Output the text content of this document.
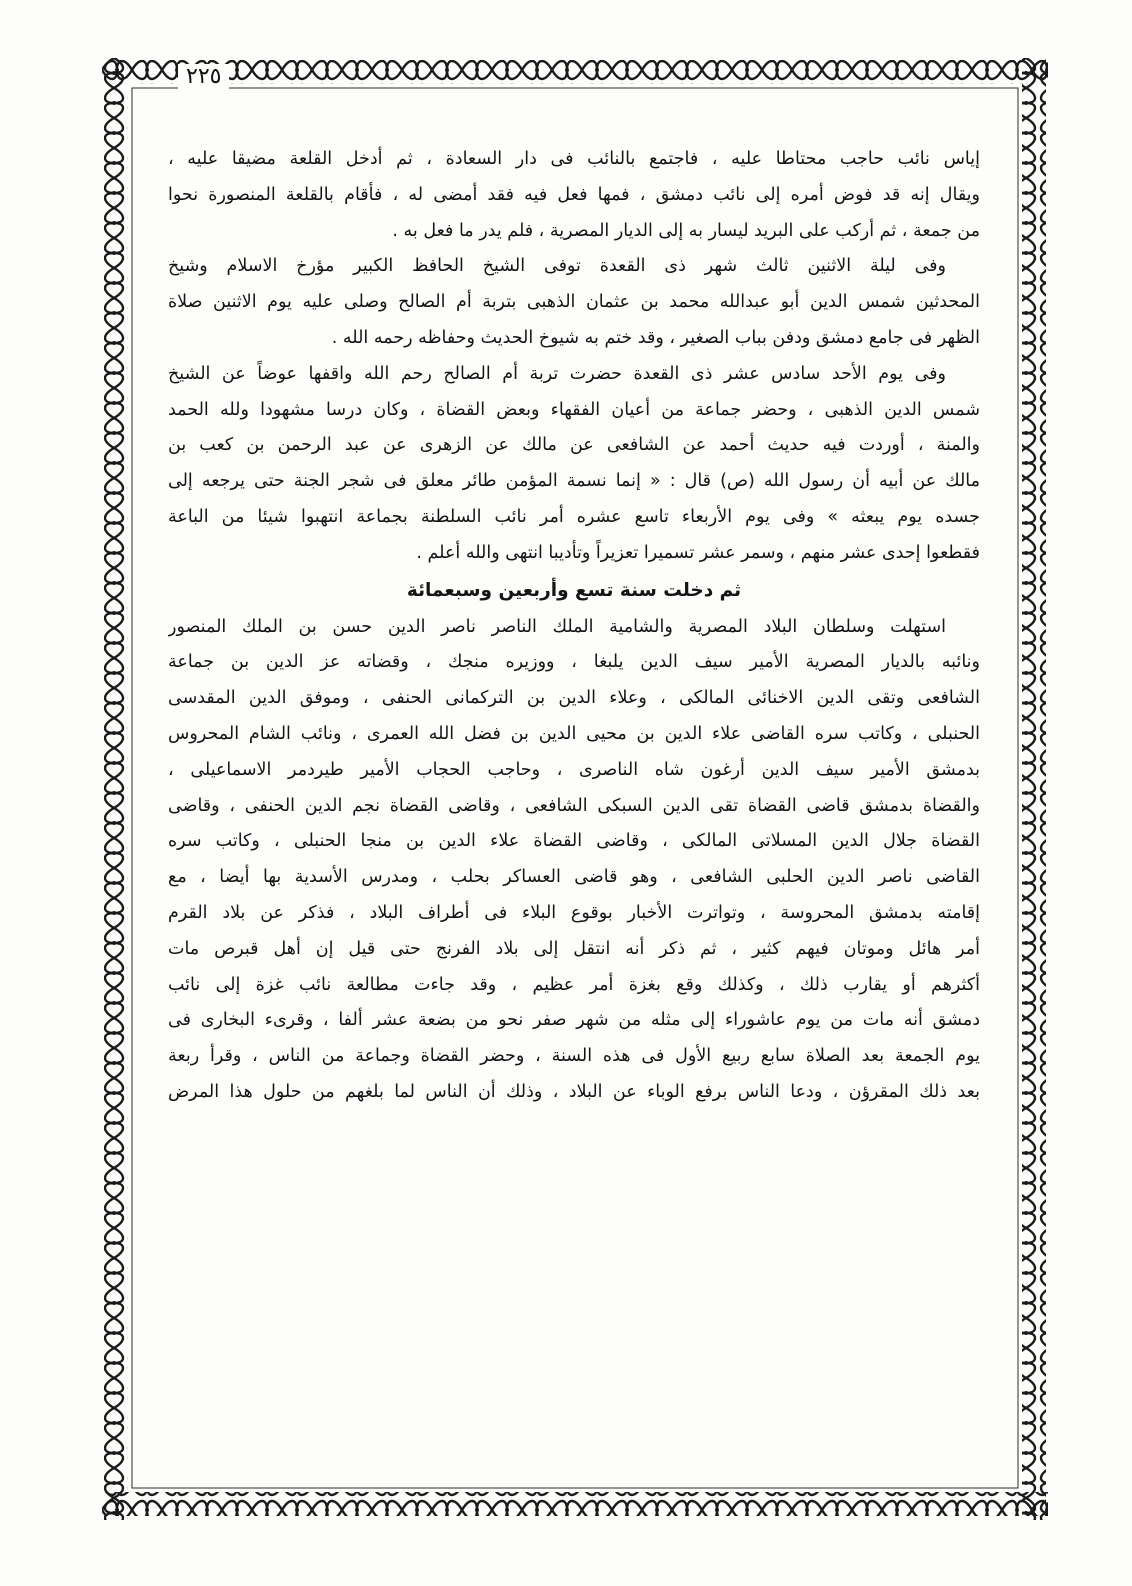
٢٢٥
إياس نائب حاجب محتاطا عليه ، فاجتمع بالنائب فى دار السعادة ، ثم أدخل القلعة مضيقا عليه ،
ويقال إنه قد فوض أمره إلى نائب دمشق ، فمها فعل فيه فقد أمضى له ، فأقام بالقلعة المنصورة نحوا
من جمعة ، ثم أركب على البريد ليسار به إلى الديار المصرية ، فلم يدر ما فعل به .
وفى ليلة الاثنين ثالث شهر ذى القعدة توفى الشيخ الحافظ الكبير مؤرخ الاسلام وشيخ
المحدثين شمس الدين أبو عبدالله محمد بن عثمان الذهبى بتربة أم الصالح وصلى عليه يوم الاثنين صلاة
الظهر فى جامع دمشق ودفن بباب الصغير ، وقد ختم به شيوخ الحديث وحفاظه رحمه الله .
وفى يوم الأحد سادس عشر ذى القعدة حضرت تربة أم الصالح رحم الله واقفها عوضاً عن الشيخ
شمس الدين الذهبى ، وحضر جماعة من أعيان الفقهاء وبعض القضاة ، وكان درسا مشهودا ولله الحمد
والمنة ، أوردت فيه حديث أحمد عن الشافعى عن مالك عن الزهرى عن عبد الرحمن بن كعب بن
مالك عن أبيه أن رسول الله (ص) قال : « إنما نسمة المؤمن طائر معلق فى شجر الجنة حتى يرجعه إلى
جسده يوم يبعثه » وفى يوم الأربعاء تاسع عشره أمر نائب السلطنة بجماعة انتهبوا شيئا من الباعة
فقطعوا إحدى عشر منهم ، وسمر عشر تسميرا تعزيراً وتأديبا انتهى والله أعلم .
ثم دخلت سنة تسع وأربعين وسبعمائة
استهلت وسلطان البلاد المصرية والشامية الملك الناصر ناصر الدين حسن بن الملك المنصور
ونائبه بالديار المصرية الأمير سيف الدين يلبغا ، ووزيره منجك ، وقضاته عز الدين بن جماعة
الشافعى وتقى الدين الاخنائى المالكى ، وعلاء الدين بن التركمانى الحنفى ، وموفق الدين المقدسى
الحنبلى ، وكاتب سره القاضى علاء الدين بن محيى الدين بن فضل الله العمرى ، ونائب الشام المحروس
بدمشق الأمير سيف الدين أرغون شاه الناصرى ، وحاجب الحجاب الأمير طيردمر الاسماعيلى ،
والقضاة بدمشق قاضى القضاة تقى الدين السبكى الشافعى ، وقاضى القضاة نجم الدين الحنفى ، وقاضى
القضاة جلال الدين المسلاتى المالكى ، وقاضى القضاة علاء الدين بن منجا الحنبلى ، وكاتب سره
القاضى ناصر الدين الحلبى الشافعى ، وهو قاضى العساكر بحلب ، ومدرس الأسدية بها أيضا ، مع
إقامته بدمشق المحروسة ، وتواترت الأخبار بوقوع البلاء فى أطراف البلاد ، فذكر عن بلاد القرم
أمر هائل وموتان فيهم كثير ، ثم ذكر أنه انتقل إلى بلاد الفرنج حتى قيل إن أهل قبرص مات
أكثرهم أو يقارب ذلك ، وكذلك وقع بغزة أمر عظيم ، وقد جاءت مطالعة نائب غزة إلى نائب
دمشق أنه مات من يوم عاشوراء إلى مثله من شهر صفر نحو من بضعة عشر ألفا ، وقرىء البخارى فى
يوم الجمعة بعد الصلاة سابع ربيع الأول فى هذه السنة ، وحضر القضاة وجماعة من الناس ، وقرأ ربعة
بعد ذلك المقرؤن ، ودعا الناس برفع الوباء عن البلاد ، وذلك أن الناس لما بلغهم من حلول هذا المرض
